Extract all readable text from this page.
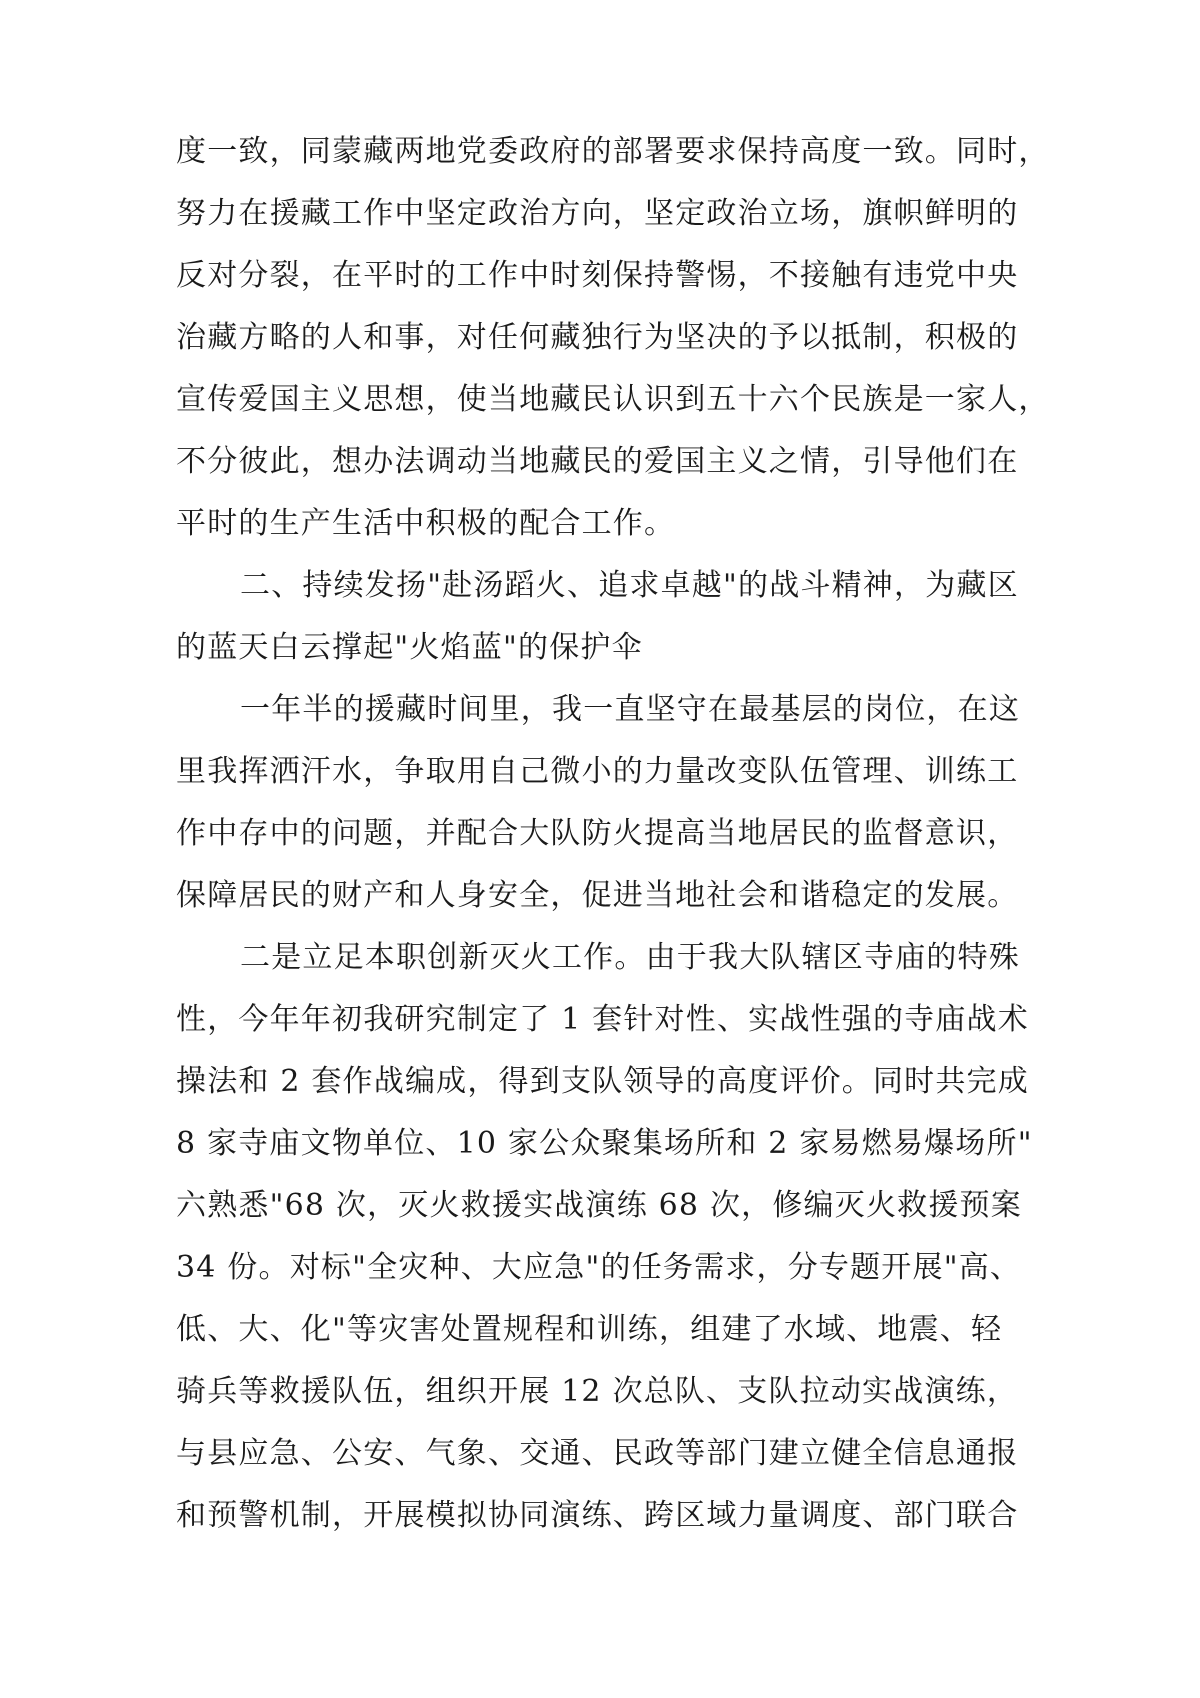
度一致，同蒙藏两地党委政府的部署要求保持高度一致。同时，

努力在援藏工作中坚定政治方向，坚定政治立场，旗帜鲜明的

反对分裂，在平时的工作中时刻保持警惕，不接触有违党中央

治藏方略的人和事，对任何藏独行为坚决的予以抵制，积极的

宣传爱国主义思想，使当地藏民认识到五十六个民族是一家人，

不分彼此，想办法调动当地藏民的爱国主义之情，引导他们在

平时的生产生活中积极的配合工作。

二、持续发扬"赴汤蹈火、追求卓越"的战斗精神，为藏区

的蓝天白云撑起"火焰蓝"的保护伞

一年半的援藏时间里，我一直坚守在最基层的岗位，在这

里我挥洒汗水，争取用自己微小的力量改变队伍管理、训练工

作中存中的问题，并配合大队防火提高当地居民的监督意识，

保障居民的财产和人身安全，促进当地社会和谐稳定的发展。

二是立足本职创新灭火工作。由于我大队辖区寺庙的特殊

性，今年年初我研究制定了 1 套针对性、实战性强的寺庙战术

操法和 2 套作战编成，得到支队领导的高度评价。同时共完成

8 家寺庙文物单位、10 家公众聚集场所和 2 家易燃易爆场所"

六熟悉"68 次，灭火救援实战演练 68 次，修编灭火救援预案

34 份。对标"全灾种、大应急"的任务需求，分专题开展"高、

低、大、化"等灾害处置规程和训练，组建了水域、地震、轻

骑兵等救援队伍，组织开展 12 次总队、支队拉动实战演练，

与县应急、公安、气象、交通、民政等部门建立健全信息通报

和预警机制，开展模拟协同演练、跨区域力量调度、部门联合
